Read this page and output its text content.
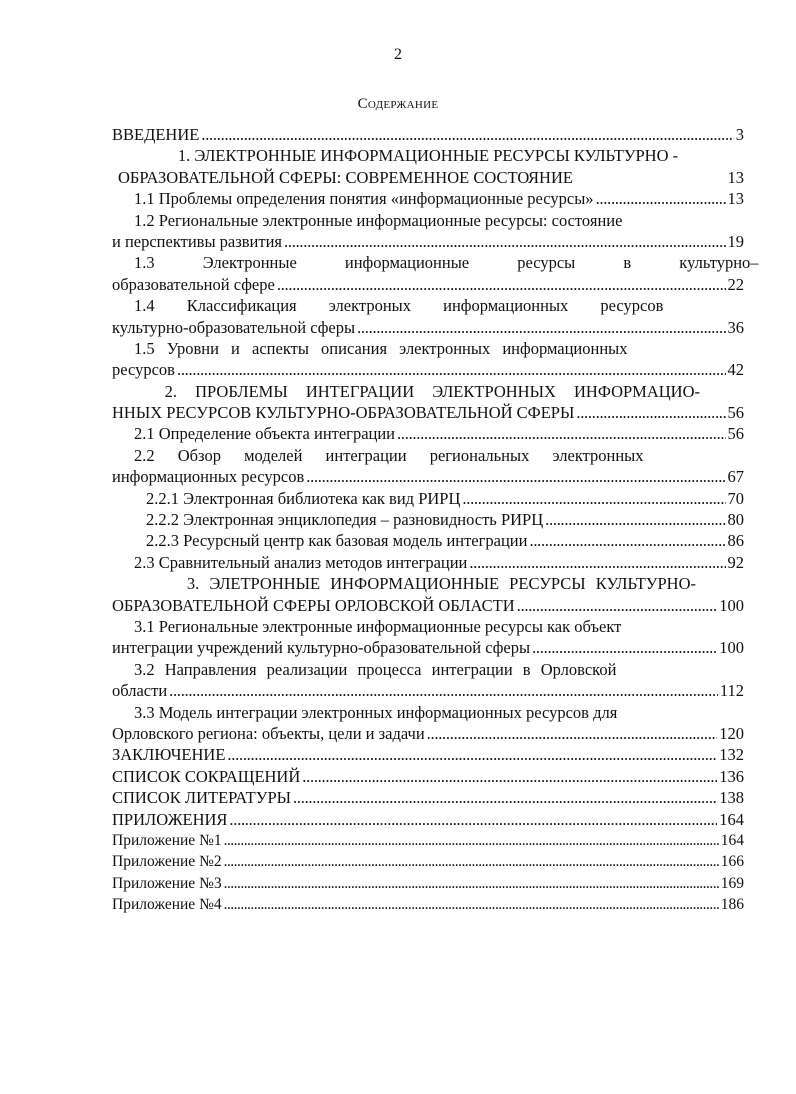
2
Содержание
ВВЕДЕНИЕ . . .	3
1. ЭЛЕКТРОННЫЕ ИНФОРМАЦИОННЫЕ РЕСУРСЫ КУЛЬТУРНО -
ОБРАЗОВАТЕЛЬНОЙ СФЕРЫ: СОВРЕМЕННОЕ СОСТОЯНИЕ	13
1.1 Проблемы определения понятия «информационные ресурсы» . . .	13
1.2 Региональные электронные информационные ресурсы: состояние
и перспективы развития . . .	19
1.3 Электронные информационные ресурсы в культурно–
образовательной сфере . . .	22
1.4 Классификация электроных информационных ресурсов
культурно-образовательной сферы . . .	36
1.5 Уровни и аспекты описания электронных информационных
ресурсов . . .	42
2. ПРОБЛЕМЫ ИНТЕГРАЦИИ ЭЛЕКТРОННЫХ ИНФОРМАЦИО-
ННЫХ РЕСУРСОВ КУЛЬТУРНО-ОБРАЗОВАТЕЛЬНОЙ СФЕРЫ . . .	56
2.1 Определение объекта интеграции . . .	56
2.2 Обзор моделей интеграции региональных электронных
информационных ресурсов . . .	67
2.2.1 Электронная библиотека как вид РИРЦ . . .	70
2.2.2 Электронная энциклопедия – разновидность РИРЦ . . .	80
2.2.3 Ресурсный центр как базовая модель интеграции . . .	86
2.3 Сравнительный анализ методов интеграции . . .	92
3. ЭЛЕТРОННЫЕ ИНФОРМАЦИОННЫЕ РЕСУРСЫ КУЛЬТУРНО-
ОБРАЗОВАТЕЛЬНОЙ СФЕРЫ ОРЛОВСКОЙ ОБЛАСТИ . . .	100
3.1 Региональные электронные информационные ресурсы как объект
интеграции учреждений культурно-образовательной сферы . . .	100
3.2 Направления реализации процесса интеграции в Орловской
области . . .	112
3.3 Модель интеграции электронных информационных ресурсов для
Орловского региона: объекты, цели и задачи . . .	120
ЗАКЛЮЧЕНИЕ . . .	132
СПИСОК СОКРАЩЕНИЙ . . .	136
СПИСОК ЛИТЕРАТУРЫ . . .	138
ПРИЛОЖЕНИЯ . . .	164
Приложение №1 . . .	164
Приложение №2 . . .	166
Приложение №3 . . .	169
Приложение №4 . . .	186
